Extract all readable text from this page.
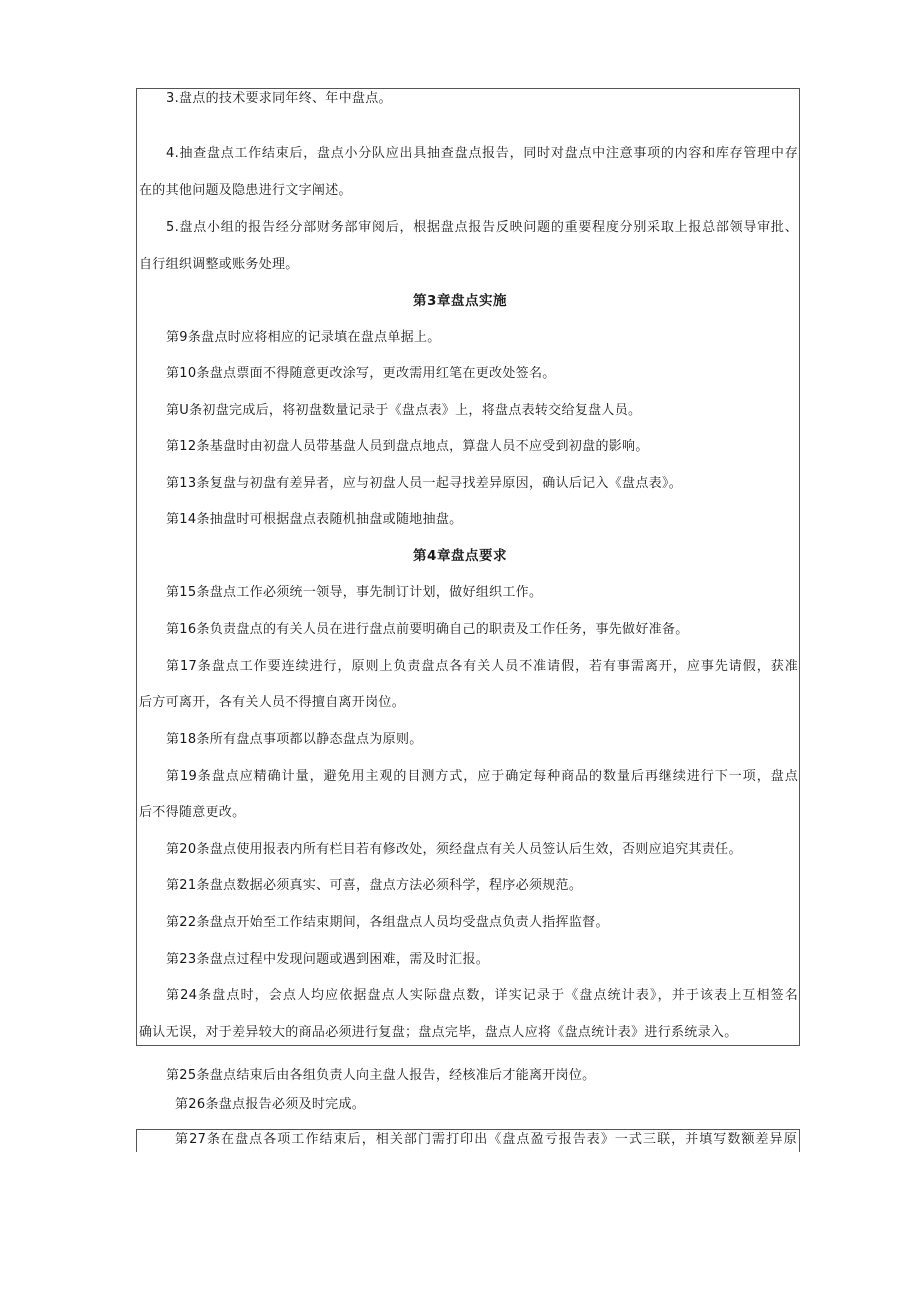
3.盘点的技术要求同年终、年中盘点。
4.抽查盘点工作结束后，盘点小分队应出具抽查盘点报告，同时对盘点中注意事项的内容和库存管理中存
在的其他问题及隐患进行文字阐述。
5.盘点小组的报告经分部财务部审阅后，根据盘点报告反映问题的重要程度分别采取上报总部领导审批、
自行组织调整或账务处理。
第3章盘点实施
第9条盘点时应将相应的记录填在盘点单据上。
第10条盘点票面不得随意更改涂写，更改需用红笔在更改处签名。
第U条初盘完成后，将初盘数量记录于《盘点表》上，将盘点表转交给复盘人员。
第12条基盘时由初盘人员带基盘人员到盘点地点，算盘人员不应受到初盘的影响。
第13条复盘与初盘有差异者，应与初盘人员一起寻找差异原因，确认后记入《盘点表》。
第14条抽盘时可根据盘点表随机抽盘或随地抽盘。
第4章盘点要求
第15条盘点工作必须统一领导，事先制订计划，做好组织工作。
第16条负责盘点的有关人员在进行盘点前要明确自己的职责及工作任务，事先做好准备。
第17条盘点工作要连续进行，原则上负责盘点各有关人员不准请假，若有事需离开，应事先请假，获准
后方可离开，各有关人员不得擅自离开岗位。
第18条所有盘点事项都以静态盘点为原则。
第19条盘点应精确计量，避免用主观的目测方式，应于确定每种商品的数量后再继续进行下一项，盘点
后不得随意更改。
第20条盘点使用报表内所有栏目若有修改处，须经盘点有关人员签认后生效，否则应追究其责任。
第21条盘点数据必须真实、可喜，盘点方法必须科学，程序必须规范。
第22条盘点开始至工作结束期间，各组盘点人员均受盘点负责人指挥监督。
第23条盘点过程中发现问题或遇到困难，需及时汇报。
第24条盘点时，会点人均应依据盘点人实际盘点数，详实记录于《盘点统计表》，并于该表上互相签名
确认无误，对于差异较大的商品必须进行复盘；盘点完毕，盘点人应将《盘点统计表》进行系统录入。
第25条盘点结束后由各组负责人向主盘人报告，经核准后才能离开岗位。
第26条盘点报告必须及时完成。
第27条在盘点各项工作结束后，相关部门需打印出《盘点盈亏报告表》一式三联，并填写数额差异原
